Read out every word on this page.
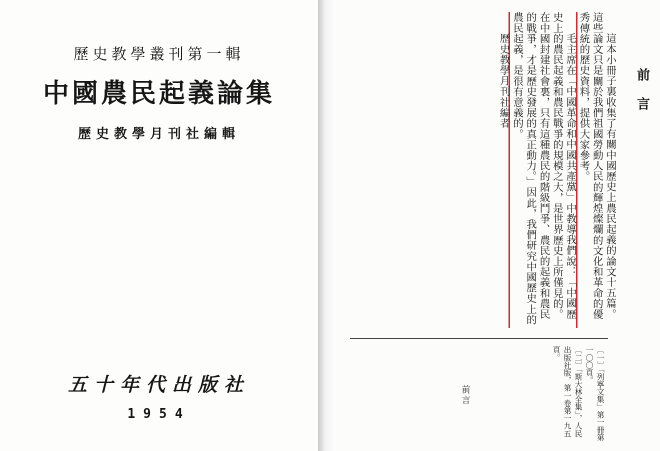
歷史教學叢刊第一輯
中國農民起義論集
歷史教學月刊社編輯
五十年代出版社
1954
前言

這本小冊子裏收集了有關中國歷史上農民起義的論文十五篇。這些論文只是關於我們祖國勞動人民的輝煌燦爛的文化和革命的優秀傳統的歷史資料，提供大家參考。

毛主席在「中國革命和中國共產黨」中教導我們說：「中國歷史上的農民起義和農民戰爭的規模之大，是世界歷史上所僅見的。在中國封建社會裏，只有這種農民的階級鬥爭、農民的起義和農民的戰爭，才是歷史發展的真正動力。」因此，我們研究中國歷史上的農民起義，是很有意義的。

歷史教學月刊社編者

〔一〕「列寧文集」第一冊第一〇〇頁。

〔二〕「斯大林全集」，人民出版社版，第一卷第一九五頁。

前言
